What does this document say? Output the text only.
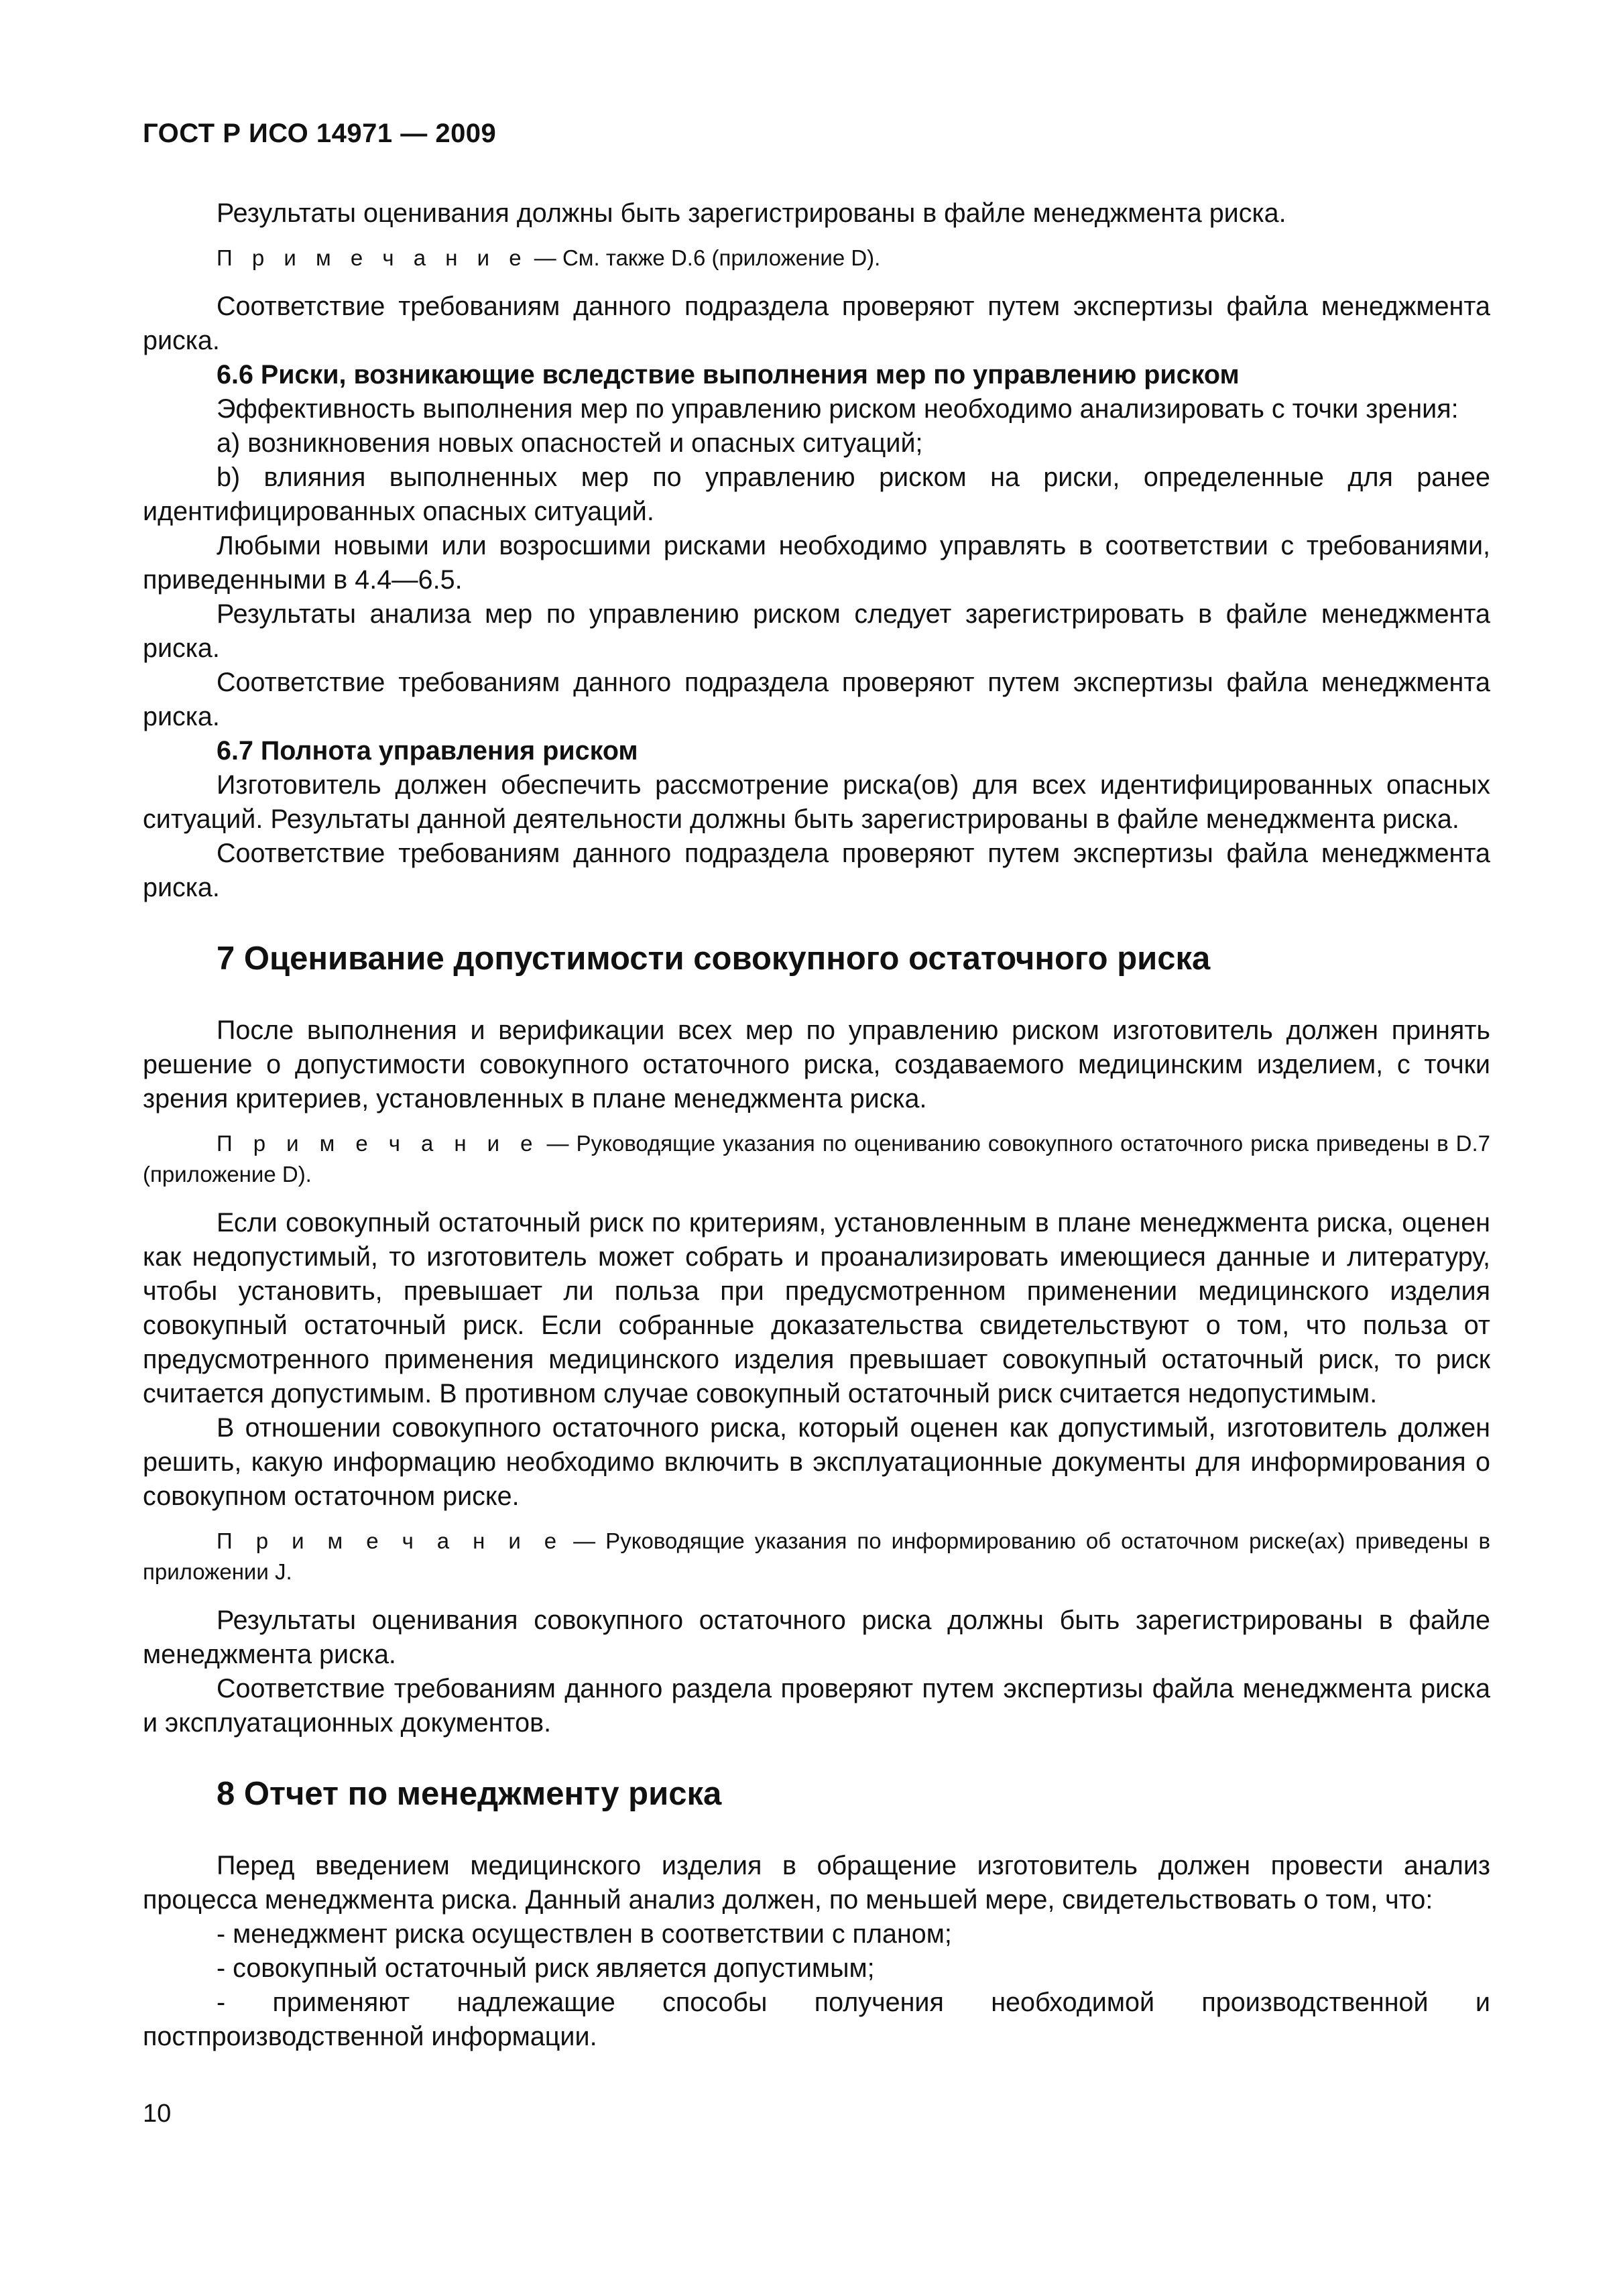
ГОСТ Р ИСО 14971 — 2009

Результаты оценивания должны быть зарегистрированы в файле менеджмента риска.

П р и м е ч а н и е — См. также D.6 (приложение D).

Соответствие требованиям данного подраздела проверяют путем экспертизы файла менеджмента риска.

6.6 Риски, возникающие вследствие выполнения мер по управлению риском

Эффективность выполнения мер по управлению риском необходимо анализировать с точки зрения:

a) возникновения новых опасностей и опасных ситуаций;

b) влияния выполненных мер по управлению риском на риски, определенные для ранее идентифицированных опасных ситуаций.

Любыми новыми или возросшими рисками необходимо управлять в соответствии с требованиями, приведенными в 4.4—6.5.

Результаты анализа мер по управлению риском следует зарегистрировать в файле менеджмента риска.

Соответствие требованиям данного подраздела проверяют путем экспертизы файла менеджмента риска.

6.7 Полнота управления риском

Изготовитель должен обеспечить рассмотрение риска(ов) для всех идентифицированных опасных ситуаций. Результаты данной деятельности должны быть зарегистрированы в файле менеджмента риска.

Соответствие требованиям данного подраздела проверяют путем экспертизы файла менеджмента риска.

7 Оценивание допустимости совокупного остаточного риска

После выполнения и верификации всех мер по управлению риском изготовитель должен принять решение о допустимости совокупного остаточного риска, создаваемого медицинским изделием, с точки зрения критериев, установленных в плане менеджмента риска.

П р и м е ч а н и е — Руководящие указания по оцениванию совокупного остаточного риска приведены в D.7 (приложение D).

Если совокупный остаточный риск по критериям, установленным в плане менеджмента риска, оценен как недопустимый, то изготовитель может собрать и проанализировать имеющиеся данные и литературу, чтобы установить, превышает ли польза при предусмотренном применении медицинского изделия совокупный остаточный риск. Если собранные доказательства свидетельствуют о том, что польза от предусмотренного применения медицинского изделия превышает совокупный остаточный риск, то риск считается допустимым. В противном случае совокупный остаточный риск считается недопустимым.

В отношении совокупного остаточного риска, который оценен как допустимый, изготовитель должен решить, какую информацию необходимо включить в эксплуатационные документы для информирования о совокупном остаточном риске.

П р и м е ч а н и е — Руководящие указания по информированию об остаточном риске(ах) приведены в приложении J.

Результаты оценивания совокупного остаточного риска должны быть зарегистрированы в файле менеджмента риска.

Соответствие требованиям данного раздела проверяют путем экспертизы файла менеджмента риска и эксплуатационных документов.

8 Отчет по менеджменту риска

Перед введением медицинского изделия в обращение изготовитель должен провести анализ процесса менеджмента риска. Данный анализ должен, по меньшей мере, свидетельствовать о том, что:

- менеджмент риска осуществлен в соответствии с планом;

- совокупный остаточный риск является допустимым;

- применяют надлежащие способы получения необходимой производственной и постпроизводственной информации.

10
